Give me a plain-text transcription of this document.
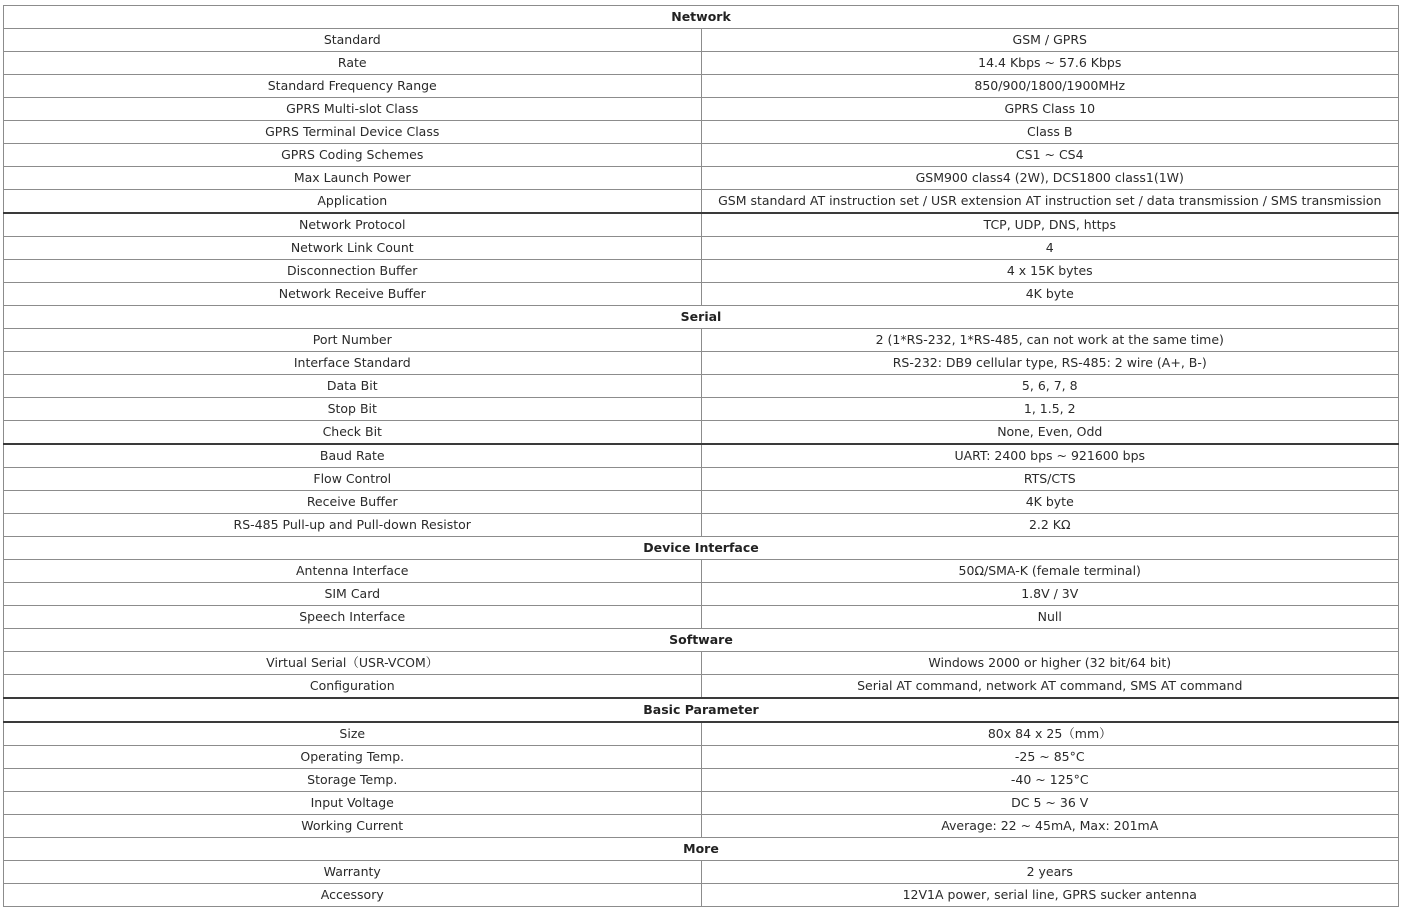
Network	
Standard	GSM / GPRS
Rate	14.4 Kbps ~ 57.6 Kbps
Standard Frequency Range	850/900/1800/1900MHz
GPRS Multi-slot Class	GPRS Class 10
GPRS Terminal Device Class	Class B
GPRS Coding Schemes	CS1 ~ CS4
Max Launch Power	GSM900 class4 (2W), DCS1800 class1(1W)
Application	GSM standard AT instruction set / USR extension AT instruction set / data transmission / SMS transmission
Network Protocol	TCP, UDP, DNS, https
Network Link Count	4
Disconnection Buffer	4 x 15K bytes
Network Receive Buffer	4K byte
Serial	
Port Number	2 (1*RS-232, 1*RS-485, can not work at the same time)
Interface Standard	RS-232: DB9 cellular type, RS-485: 2 wire (A+, B-)
Data Bit	5, 6, 7, 8
Stop Bit	1, 1.5, 2
Check Bit	None, Even, Odd
Baud Rate	UART: 2400 bps ~ 921600 bps
Flow Control	RTS/CTS
Receive Buffer	4K byte
RS-485 Pull-up and Pull-down Resistor	2.2 KΩ
Device Interface	
Antenna Interface	50Ω/SMA-K (female terminal)
SIM Card	1.8V / 3V
Speech Interface	Null
Software	
Virtual Serial（USR-VCOM）	Windows 2000 or higher (32 bit/64 bit)
Configuration	Serial AT command, network AT command, SMS AT command
Basic Parameter	
Size	80x 84 x 25（mm）
Operating Temp.	-25 ~ 85°C
Storage Temp.	-40 ~ 125°C
Input Voltage	DC 5 ~ 36 V
Working Current	Average: 22 ~ 45mA, Max: 201mA
More	
Warranty	2 years
Accessory	12V1A power, serial line, GPRS sucker antenna
